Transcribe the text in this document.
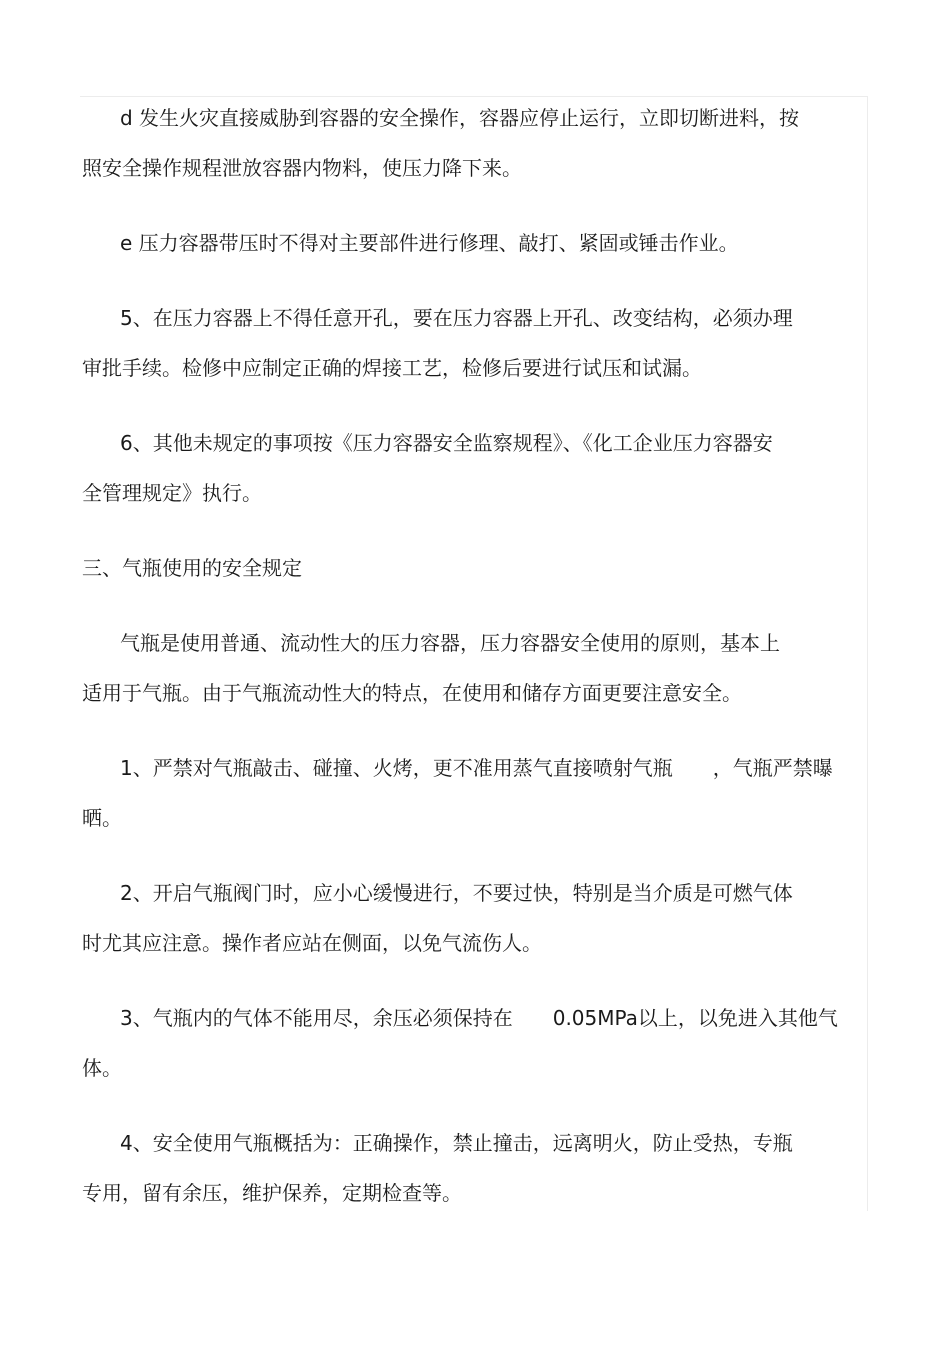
d 发生火灾直接威胁到容器的安全操作，容器应停止运行，立即切断进料，按
照安全操作规程泄放容器内物料，使压力降下来。
e 压力容器带压时不得对主要部件进行修理、敲打、紧固或锤击作业。
5、在压力容器上不得任意开孔，要在压力容器上开孔、改变结构，必须办理
审批手续。检修中应制定正确的焊接工艺，检修后要进行试压和试漏。
6、其他未规定的事项按《压力容器安全监察规程》、《化工企业压力容器安
全管理规定》执行。
三、气瓶使用的安全规定
气瓶是使用普通、流动性大的压力容器，压力容器安全使用的原则，基本上
适用于气瓶。由于气瓶流动性大的特点，在使用和储存方面更要注意安全。
1、严禁对气瓶敲击、碰撞、火烤，更不准用蒸气直接喷射气瓶　　，气瓶严禁曝
晒。
2、开启气瓶阀门时，应小心缓慢进行，不要过快，特别是当介质是可燃气体
时尤其应注意。操作者应站在侧面，以免气流伤人。
3、气瓶内的气体不能用尽，余压必须保持在　　0.05MPa以上，以免进入其他气
体。
4、安全使用气瓶概括为：正确操作，禁止撞击，远离明火，防止受热，专瓶
专用，留有余压，维护保养，定期检查等。
